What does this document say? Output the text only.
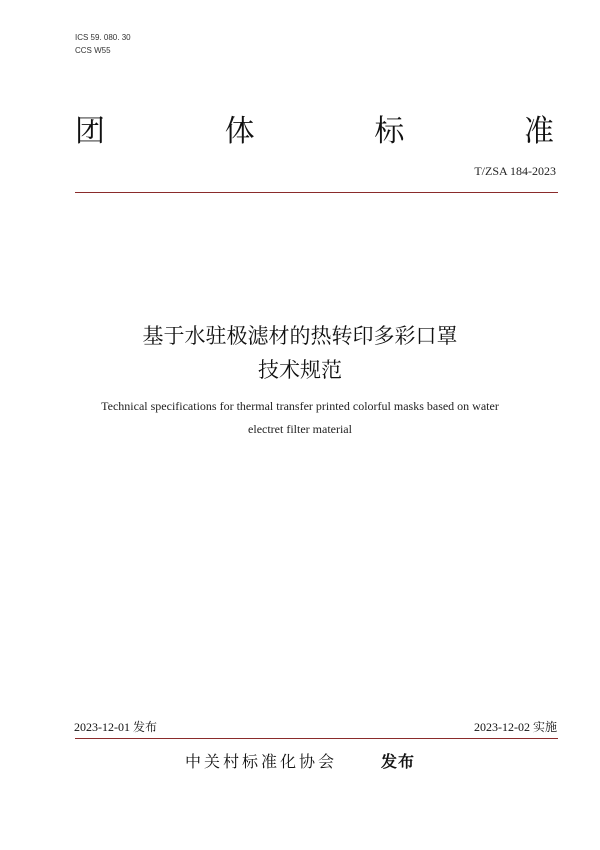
ICS 59. 080. 30
CCS W55
团	体	标	准
T/ZSA 184-2023
基于水驻极滤材的热转印多彩口罩
技术规范
Technical specifications for thermal transfer printed colorful masks based on water
electret filter material
2023-12-01 发布	2023-12-02 实施
中关村标准化协会	发布
